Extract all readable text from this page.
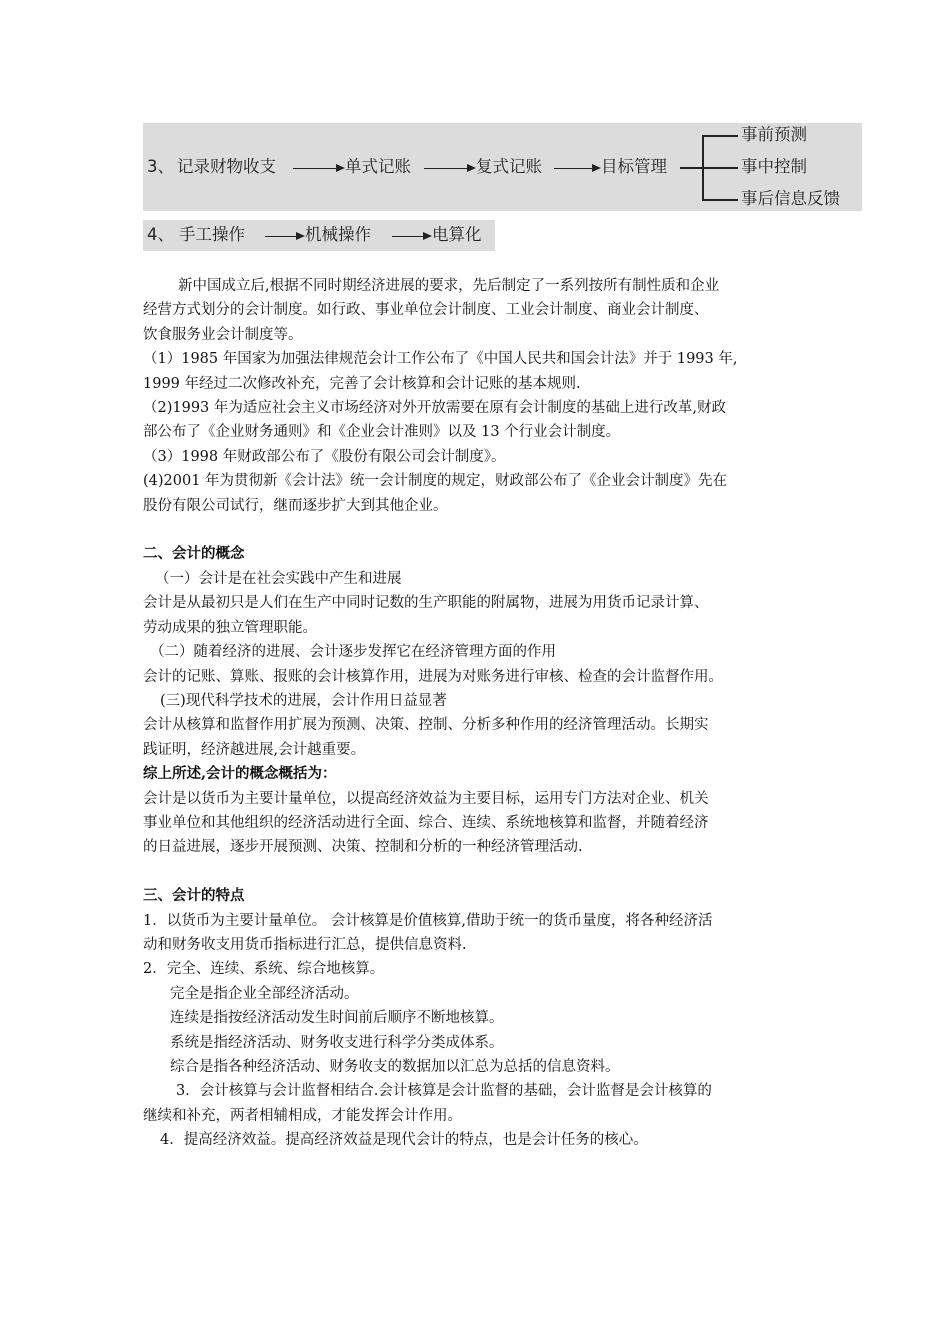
3、 记录财物收支	单式记账	复式记账	目标管理
事前预测
事中控制
事后信息反馈
4、 手工操作	机械操作	电算化

新中国成立后,根据不同时期经济进展的要求，先后制定了一系列按所有制性质和企业

经营方式划分的会计制度。如行政、事业单位会计制度、工业会计制度、商业会计制度、

饮食服务业会计制度等。

（1）1985 年国家为加强法律规范会计工作公布了《中国人民共和国会计法》并于 1993 年,

1999 年经过二次修改补充，完善了会计核算和会计记账的基本规则.

（2)1993 年为适应社会主义市场经济对外开放需要在原有会计制度的基础上进行改革,财政

部公布了《企业财务通则》和《企业会计准则》以及 13 个行业会计制度。

（3）1998 年财政部公布了《股份有限公司会计制度》。

(4)2001 年为贯彻新《会计法》统一会计制度的规定，财政部公布了《企业会计制度》先在

股份有限公司试行，继而逐步扩大到其他企业。

二、会计的概念

（一）会计是在社会实践中产生和进展

会计是从最初只是人们在生产中同时记数的生产职能的附属物，进展为用货币记录计算、

劳动成果的独立管理职能。

（二）随着经济的进展、会计逐步发挥它在经济管理方面的作用

会计的记账、算账、报账的会计核算作用，进展为对账务进行审核、检查的会计监督作用。

(三)现代科学技术的进展，会计作用日益显著

会计从核算和监督作用扩展为预测、决策、控制、分析多种作用的经济管理活动。长期实

践证明，经济越进展,会计越重要。

综上所述,会计的概念概括为：

会计是以货币为主要计量单位，以提高经济效益为主要目标，运用专门方法对企业、机关

事业单位和其他组织的经济活动进行全面、综合、连续、系统地核算和监督，并随着经济

的日益进展，逐步开展预测、决策、控制和分析的一种经济管理活动.

三、会计的特点

1．以货币为主要计量单位。 会计核算是价值核算,借助于统一的货币量度，将各种经济活

动和财务收支用货币指标进行汇总，提供信息资料.

2．完全、连续、系统、综合地核算。

完全是指企业全部经济活动。

连续是指按经济活动发生时间前后顺序不断地核算。

系统是指经济活动、财务收支进行科学分类成体系。

综合是指各种经济活动、财务收支的数据加以汇总为总括的信息资料。

3．会计核算与会计监督相结合.会计核算是会计监督的基础，会计监督是会计核算的

继续和补充，两者相辅相成，才能发挥会计作用。

4．提高经济效益。提高经济效益是现代会计的特点，也是会计任务的核心。
